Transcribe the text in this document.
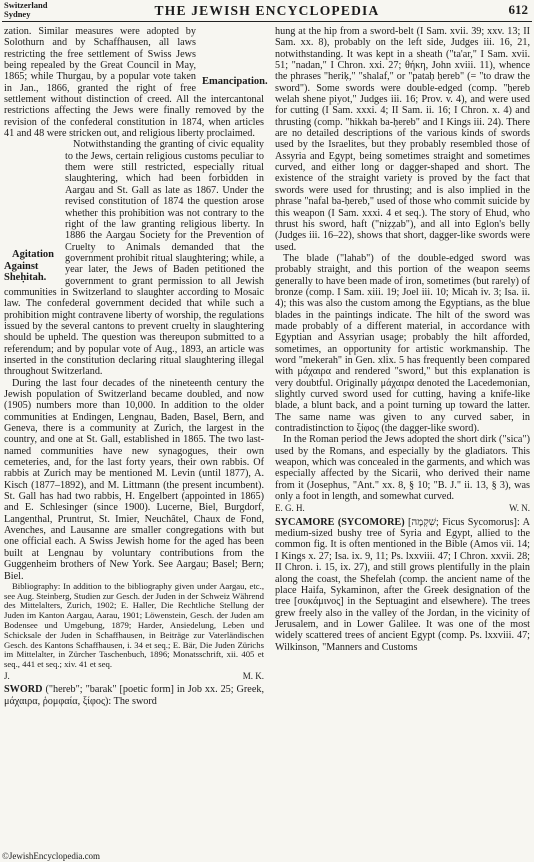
Switzerland
Sydney	THE JEWISH ENCYCLOPEDIA	612

Emancipation.
zation. Similar measures were adopted by Solothurn and by Schaffhausen, all laws restricting the free settlement of Swiss Jews being repealed by the Great Council in May, 1865; while Thurgau, by a popular vote taken in Jan., 1866, granted the right of free settlement without distinction of creed. All the intercantonal restrictions affecting the Jews were finally removed by the revision of the confederal constitution in 1874, when articles 41 and 48 were stricken out, and religious liberty proclaimed.

Agitation Against Sheḥitah.
Notwithstanding the granting of civic equality to the Jews, certain religious customs peculiar to them were still restricted, especially ritual slaughtering, which had been forbidden in Aargau and St. Gall as late as 1867. Under the revised constitution of 1874 the question arose whether this prohibition was not contrary to the right of the law granting religious liberty. In 1886 the Aargau Society for the Prevention of Cruelty to Animals demanded that the government prohibit ritual slaughtering; while, a year later, the Jews of Baden petitioned the government to grant permission to all Jewish communities in Switzerland to slaughter according to Mosaic law. The confederal government decided that while such a prohibition might contravene liberty of worship, the regulations issued by the several cantons to prevent cruelty in slaughtering should be upheld. The question was thereupon submitted to a referendum; and by popular vote of Aug., 1893, an article was inserted in the constitution declaring ritual slaughtering illegal throughout Switzerland.

During the last four decades of the nineteenth century the Jewish population of Switzerland became doubled, and now (1905) numbers more than 10,000. In addition to the older communities at Endingen, Lengnau, Baden, Basel, Bern, and Geneva, there is a community at Zurich, the largest in the country, and one at St. Gall, established in 1865. The two last-named communities have new synagogues, their own cemeteries, and, for the last forty years, their own rabbis. Of rabbis at Zurich may be mentioned M. Levin (until 1877), A. Kisch (1877–1892), and M. Littmann (the present incumbent). St. Gall has had two rabbis, H. Engelbert (appointed in 1865) and E. Schlesinger (since 1900). Lucerne, Biel, Burgdorf, Langenthal, Pruntrut, St. Imier, Neuchâtel, Chaux de Fond, Avenches, and Lausanne are smaller congregations with but one official each. A Swiss Jewish home for the aged has been built at Lengnau by voluntary contributions from the Guggenheim brothers of New York. See Aargau; Basel; Bern; Biel.

Bibliography: In addition to the bibliography given under Aargau, etc., see Aug. Steinberg, Studien zur Gesch. der Juden in der Schweiz Während des Mittelalters, Zurich, 1902; E. Haller, Die Rechtliche Stellung der Juden im Kanton Aargau, Aarau, 1901; Löwenstein, Gesch. der Juden am Bodensee und Umgebung, 1879; Harder, Ansiedelung, Leben und Schicksale der Juden in Schaffhausen, in Beiträge zur Vaterländischen Gesch. des Kantons Schaffhausen, i. 34 et seq.; E. Bär, Die Juden Zürichs im Mittelalter, in Zürcher Taschenbuch, 1896; Monatsschrift, xii. 405 et seq., 441 et seq.; xiv. 41 et seq.

J.	M. K.

SWORD ("hereb"; "barak" [poetic form] in Job xx. 25; Greek, μάχαιρα, ῥομφαία, ξίφος): The sword

hung at the hip from a sword-belt (I Sam. xvii. 39; xxv. 13; II Sam. xx. 8), probably on the left side, Judges iii. 16, 21, notwithstanding. It was kept in a sheath ("ta'ar," I Sam. xvii. 51; "nadan," I Chron. xxi. 27; θήκη, John xviii. 11), whence the phrases "heriḳ," "shalaf," or "pataḥ ḥereb" (= "to draw the sword"). Some swords were double-edged (comp. "ḥereb welah shene piyot," Judges iii. 16; Prov. v. 4), and were used for cutting (I Sam. xxxi. 4; II Sam. ii. 16; I Chron. x. 4) and thrusting (comp. "hikkah ba-ḥereb" and I Kings iii. 24). There are no detailed descriptions of the various kinds of swords used by the Israelites, but they probably resembled those of Assyria and Egypt, being sometimes straight and sometimes curved, and either long or dagger-shaped and short. The existence of the straight variety is proved by the fact that swords were used for thrusting; and is also implied in the phrase "nafal ba-ḥereb," used of those who commit suicide by this weapon (I Sam. xxxi. 4 et seq.). The story of Ehud, who thrust his sword, haft ("niẓẓab"), and all into Eglon's belly (Judges iii. 16–22), shows that short, dagger-like swords were used.

The blade ("lahab") of the double-edged sword was probably straight, and this portion of the weapon seems generally to have been made of iron, sometimes (but rarely) of bronze (comp. I Sam. xiii. 19; Joel iii. 10; Micah iv. 3; Isa. ii. 4); this was also the custom among the Egyptians, as the blue blades in the paintings indicate. The hilt of the sword was made probably of a different material, in accordance with Egyptian and Assyrian usage; probably the hilt afforded, sometimes, an opportunity for artistic workmanship. The word "mekerah" in Gen. xlix. 5 has frequently been compared with μάχαιρα and rendered "sword," but this explanation is very doubtful. Originally μάχαιρα denoted the Lacedemonian, slightly curved sword used for cutting, having a knife-like blade, a blunt back, and a point turning up toward the latter. The same name was given to any curved saber, in contradistinction to ξίφος (the dagger-like sword).

In the Roman period the Jews adopted the short dirk ("sica") used by the Romans, and especially by the gladiators. This weapon, which was concealed in the garments, and which was especially affected by the Sicarii, who derived their name from it (Josephus, "Ant." xx. 8, § 10; "B. J." ii. 13, § 3), was only a foot in length, and somewhat curved.

E. G. H.	W. N.

SYCAMORE (SYCOMORE) [שִׁקְמָה; Ficus Sycomorus]: A medium-sized bushy tree of Syria and Egypt, allied to the common fig. It is often mentioned in the Bible (Amos vii. 14; I Kings x. 27; Isa. ix. 9, 11; Ps. lxxviii. 47; I Chron. xxvii. 28; II Chron. i. 15, ix. 27), and still grows plentifully in the plain along the coast, the Shefelah (comp. the ancient name of the place Haifa, Sykaminon, after the Greek designation of the tree [συκάμινος] in the Septuagint and elsewhere). The trees grew freely also in the valley of the Jordan, in the vicinity of Jerusalem, and in Lower Galilee. It was one of the most widely scattered trees of ancient Egypt (comp. Ps. lxxviii. 47; Wilkinson, "Manners and Customs

©JewishEncyclopedia.com
